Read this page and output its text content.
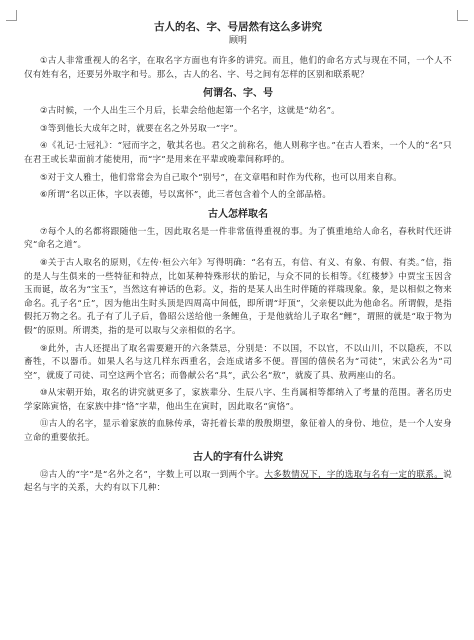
古人的名、字、号居然有这么多讲究
顾明

①古人非常重视人的名字，在取名字方面也有许多的讲究。而且，他们的命名方式与现在不同，一个人不仅有姓有名，还要另外取字和号。那么，古人的名、字、号之间有怎样的区别和联系呢？

何谓名、字、号

②古时候，一个人出生三个月后，长辈会给他起第一个名字，这就是“幼名”。

③等到他长大成年之时，就要在名之外另取一“字”。

④《礼记·士冠礼》：“冠而字之，敬其名也。君父之前称名，他人则称字也。”在古人看来，一个人的“名”只在君王或长辈面前才能使用，而“字”是用来在平辈或晚辈间称呼的。

⑤对于文人雅士，他们常常会为自己取个“别号”，在文章唱和时作为代称，也可以用来自称。

⑥所谓“名以正体，字以表德，号以寓怀”，此三者包含着个人的全部品格。

古人怎样取名

⑦每个人的名都将跟随他一生，因此取名是一件非常值得重视的事。为了慎重地给人命名，春秋时代还讲究“命名之道”。

⑧关于古人取名的原则，《左传·桓公六年》写得明确：“名有五，有信、有义、有象、有假、有类。”信，指的是人与生俱来的一些特征和特点，比如某种特殊形状的胎记，与众不同的长相等。《红楼梦》中贾宝玉因含玉而诞，故名为“宝玉”，当然这有神话的色彩。义，指的是某人出生时伴随的祥瑞现象。象，是以相似之物来命名。孔子名“丘”，因为他出生时头顶是四周高中间低，即所谓“圩顶”，父亲便以此为他命名。所谓假，是指假托万物之名。孔子有了儿子后，鲁昭公送给他一条鲤鱼，于是他就给儿子取名“鲤”，谓照的就是“取于物为假”的原则。所谓类，指的是可以取与父亲相似的名字。

⑨此外，古人还提出了取名需要避开的六条禁忌，分别是：不以国，不以官，不以山川，不以隐疾，不以畜牲，不以器币。如果人名与这几样东西重名，会连成诸多不便。晋国的僖侯名为“司徒”，宋武公名为“司空”，就废了司徒、司空这两个官名；而鲁献公名“具”，武公名“敖”，就废了具、敖两座山的名。

⑩从宋朝开始，取名的讲究就更多了，家族辈分、生辰八字、生肖属相等都纳入了考量的范围。著名历史学家陈寅恪，在家族中排“恪”字辈，他出生在寅时，因此取名“寅恪”。

⑪古人的名字，显示着家族的血脉传承，寄托着长辈的殷殷期望，象征着人的身份、地位，是一个人安身立命的重要依托。

古人的字有什么讲究

⑫古人的“字”是“名外之名”，字数上可以取一到两个字。大多数情况下，字的选取与名有一定的联系。说起名与字的关系，大约有以下几种：
